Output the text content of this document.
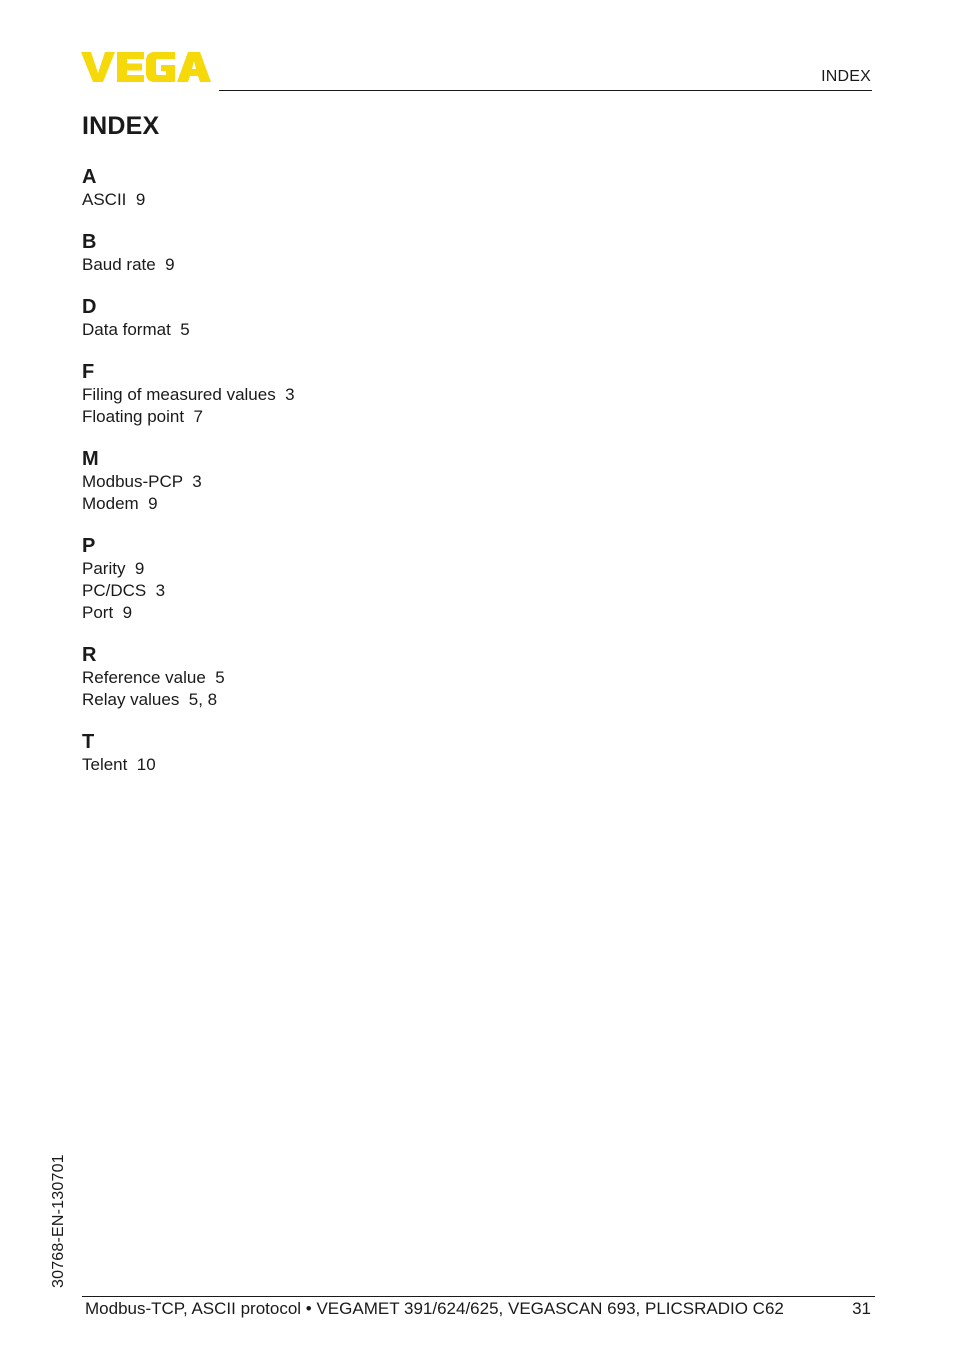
INDEX
INDEX
A
ASCII  9
B
Baud rate  9
D
Data format  5
F
Filing of measured values  3
Floating point  7
M
Modbus-PCP  3
Modem  9
P
Parity  9
PC/DCS  3
Port  9
R
Reference value  5
Relay values  5, 8
T
Telent  10
30768-EN-130701
Modbus-TCP, ASCII protocol • VEGAMET 391/624/625, VEGASCAN 693, PLICSRADIO C62	31
